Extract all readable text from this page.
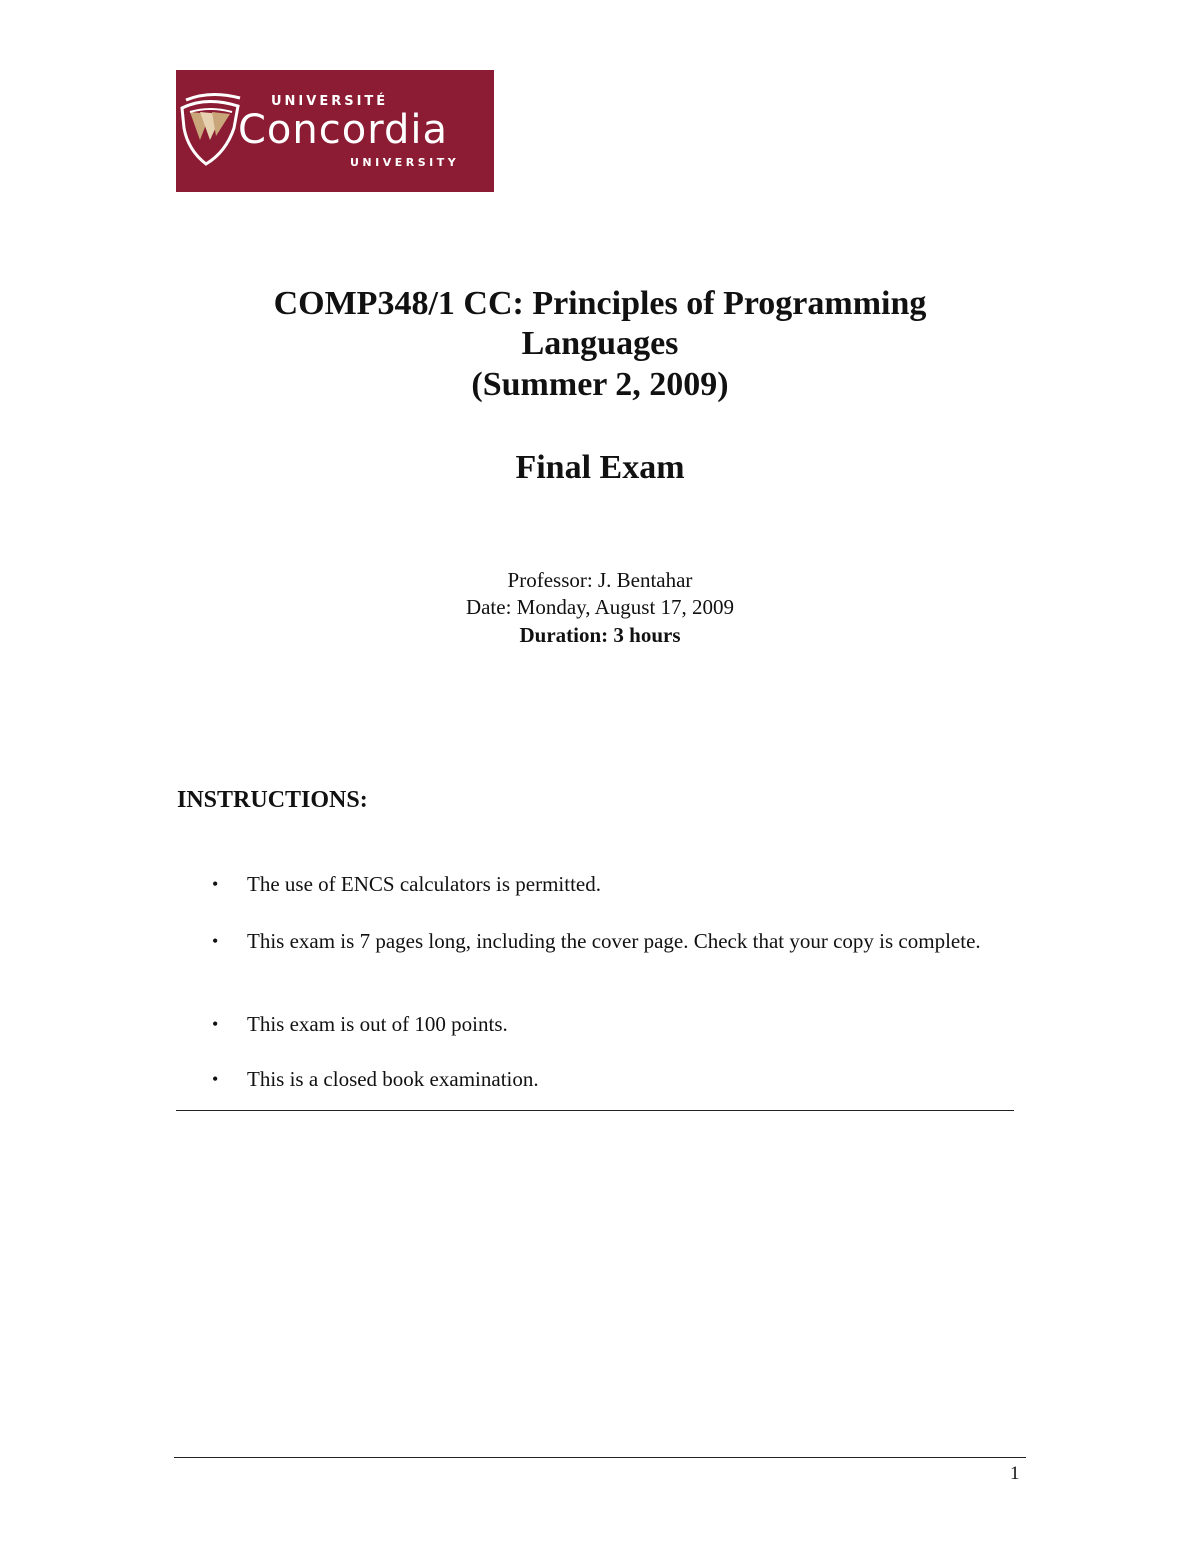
UNIVERSITÉ
Concordia
UNIVERSITY
COMP348/1 CC: Principles of Programming
Languages
(Summer 2, 2009)
Final Exam
Professor: J. Bentahar
Date: Monday, August 17, 2009
Duration: 3 hours
INSTRUCTIONS:
•	The use of ENCS calculators is permitted.
•	This exam is 7 pages long, including the cover page. Check that your copy is complete.
•	This exam is out of 100 points.
•	This is a closed book examination.
1
